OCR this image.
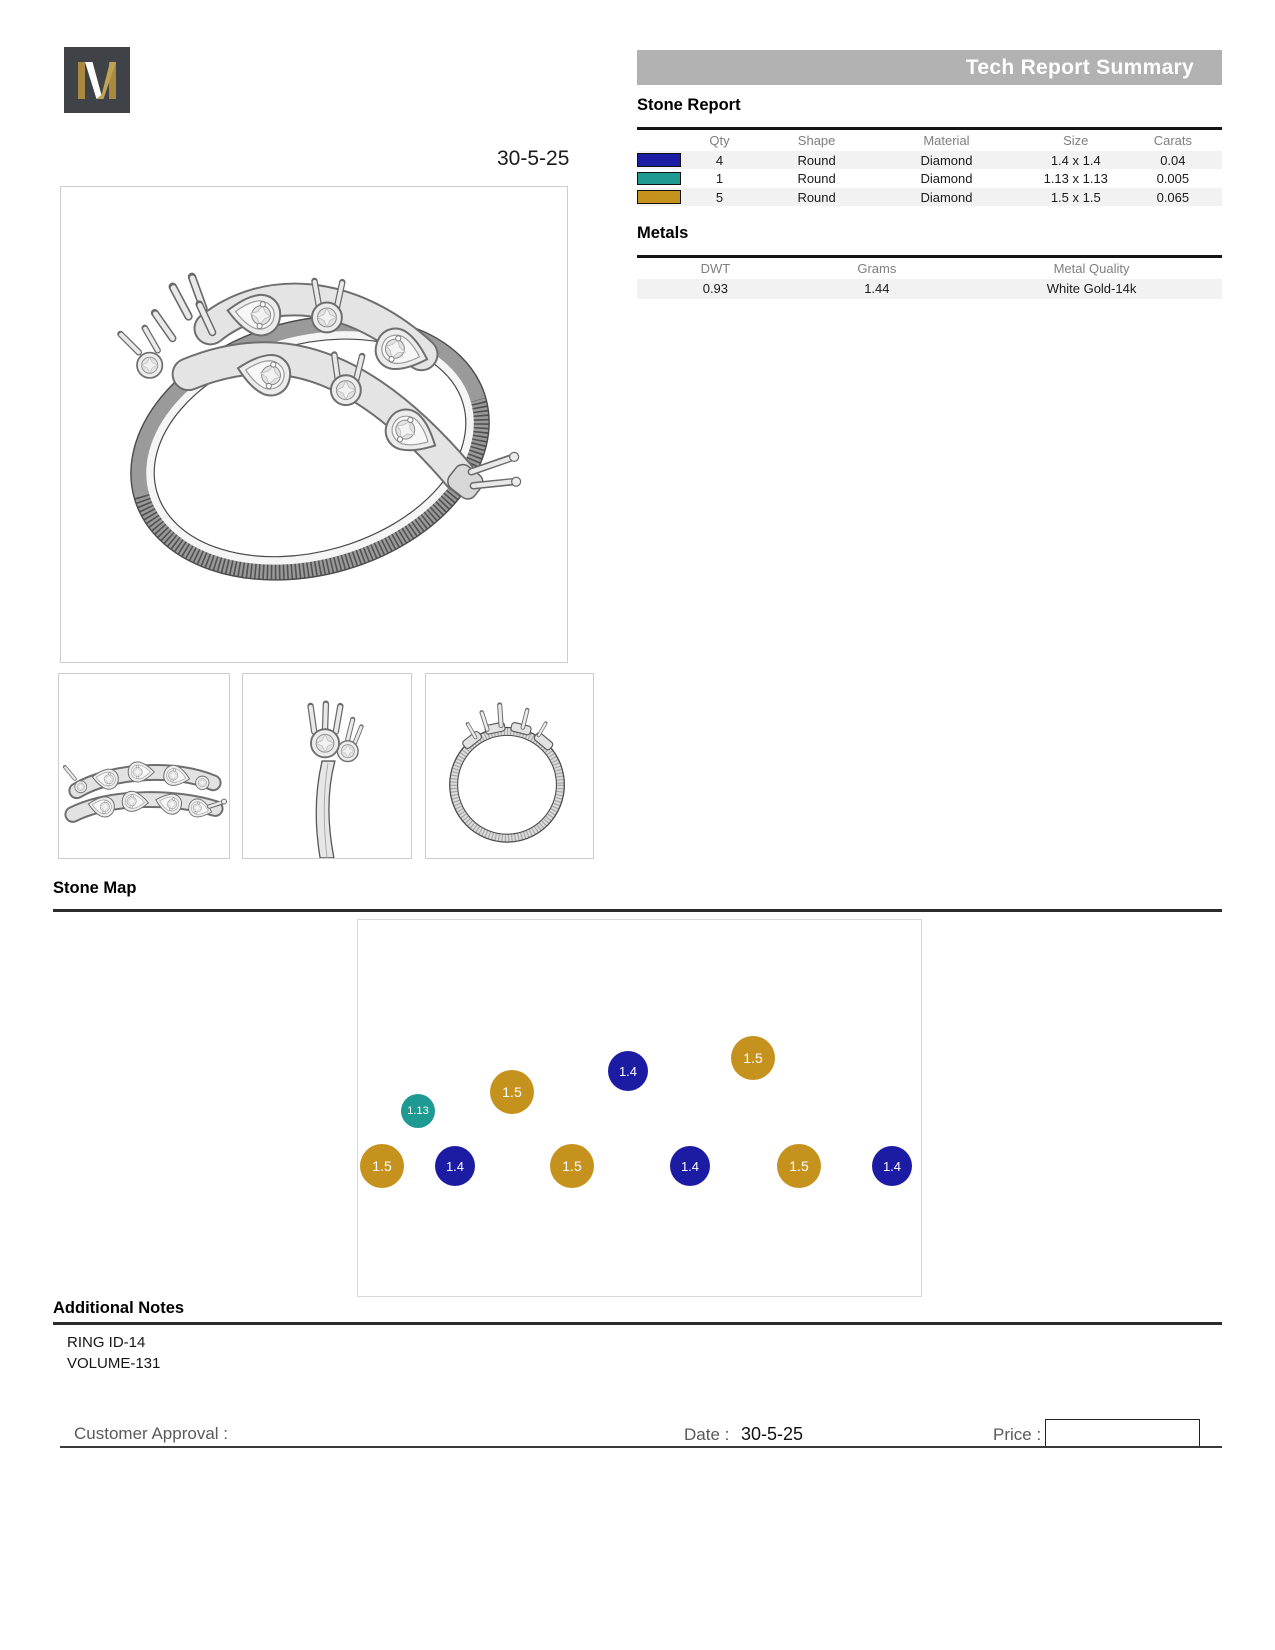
30-5-25
Tech Report Summary
Stone Report
Qty	Shape	Material	Size	Carats
4	Round	Diamond	1.4 x 1.4	0.04
1	Round	Diamond	1.13 x 1.13	0.005
5	Round	Diamond	1.5 x 1.5	0.065
Metals
DWT	Grams	Metal Quality
0.93	1.44	White Gold-14k
Stone Map
1.13
1.5
1.4
1.5
1.5	1.4	1.5	1.4	1.5	1.4
Additional Notes
RING ID-14
VOLUME-131
Customer Approval :	Date : 30-5-25	Price :
